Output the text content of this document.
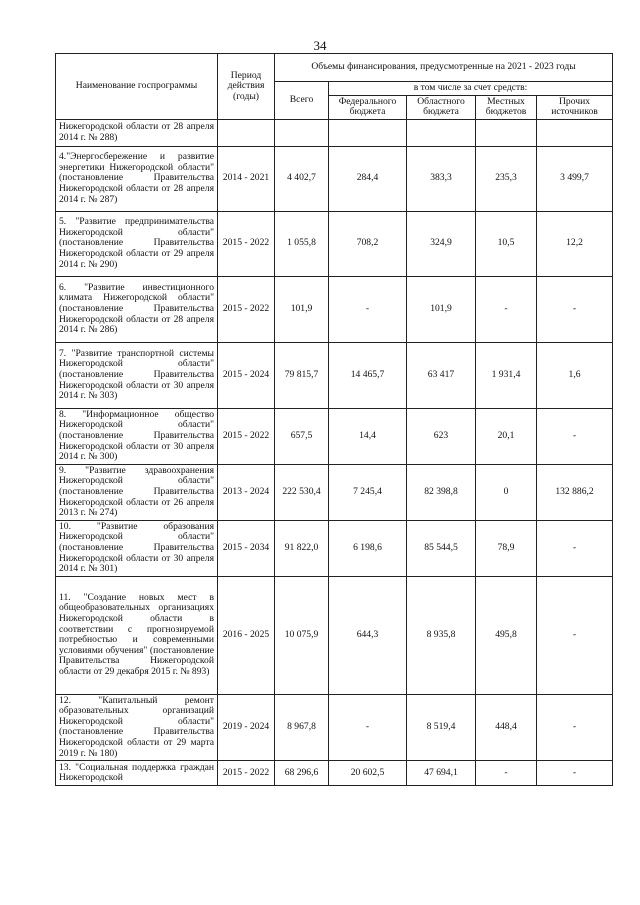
34
Наименование госпрограммы	Период действия (годы)	Объемы финансирования, предусмотренные на 2021 - 2023 годы				
		Всего	в том числе за счет средств:			
			Федерального бюджета	Областного бюджета	Местных бюджетов	Прочих источников
Нижегородской области от 28 апреля 2014 г. № 288)						
4."Энергосбережение и развитие энергетики Нижегородской области" (постановление Правительства Нижегородской области от 28 апреля 2014 г. № 287)	2014 - 2021	4 402,7	284,4	383,3	235,3	3 499,7
5. "Развитие предпринимательства Нижегородской области" (постановление Правительства Нижегородской области от 29 апреля 2014 г. № 290)	2015 - 2022	1 055,8	708,2	324,9	10,5	12,2
6. "Развитие инвестиционного климата Нижегородской области" (постановление Правительства Нижегородской области от 28 апреля 2014 г. № 286)	2015 - 2022	101,9	-	101,9	-	-
7. "Развитие транспортной системы Нижегородской области" (постановление Правительства Нижегородской области от 30 апреля 2014 г. № 303)	2015 - 2024	79 815,7	14 465,7	63 417	1 931,4	1,6
8. "Информационное общество Нижегородской области" (постановление Правительства Нижегородской области от 30 апреля 2014 г. № 300)	2015 - 2022	657,5	14,4	623	20,1	-
9. "Развитие здравоохранения Нижегородской области" (постановление Правительства Нижегородской области от 26 апреля 2013 г. № 274)	2013 - 2024	222 530,4	7 245,4	82 398,8	0	132 886,2
10. "Развитие образования Нижегородской области" (постановление Правительства Нижегородской области от 30 апреля 2014 г. № 301)	2015 - 2034	91 822,0	6 198,6	85 544,5	78,9	-
11. "Создание новых мест в общеобразовательных организациях Нижегородской области в соответствии с прогнозируемой потребностью и современными условиями обучения" (постановление Правительства Нижегородской области от 29 декабря 2015 г. № 893)	2016 - 2025	10 075,9	644,3	8 935,8	495,8	-
12. "Капитальный ремонт образовательных организаций Нижегородской области" (постановление Правительства Нижегородской области от 29 марта 2019 г. № 180)	2019 - 2024	8 967,8	-	8 519,4	448,4	-
13. "Социальная поддержка граждан Нижегородской	2015 - 2022	68 296,6	20 602,5	47 694,1	-	-
